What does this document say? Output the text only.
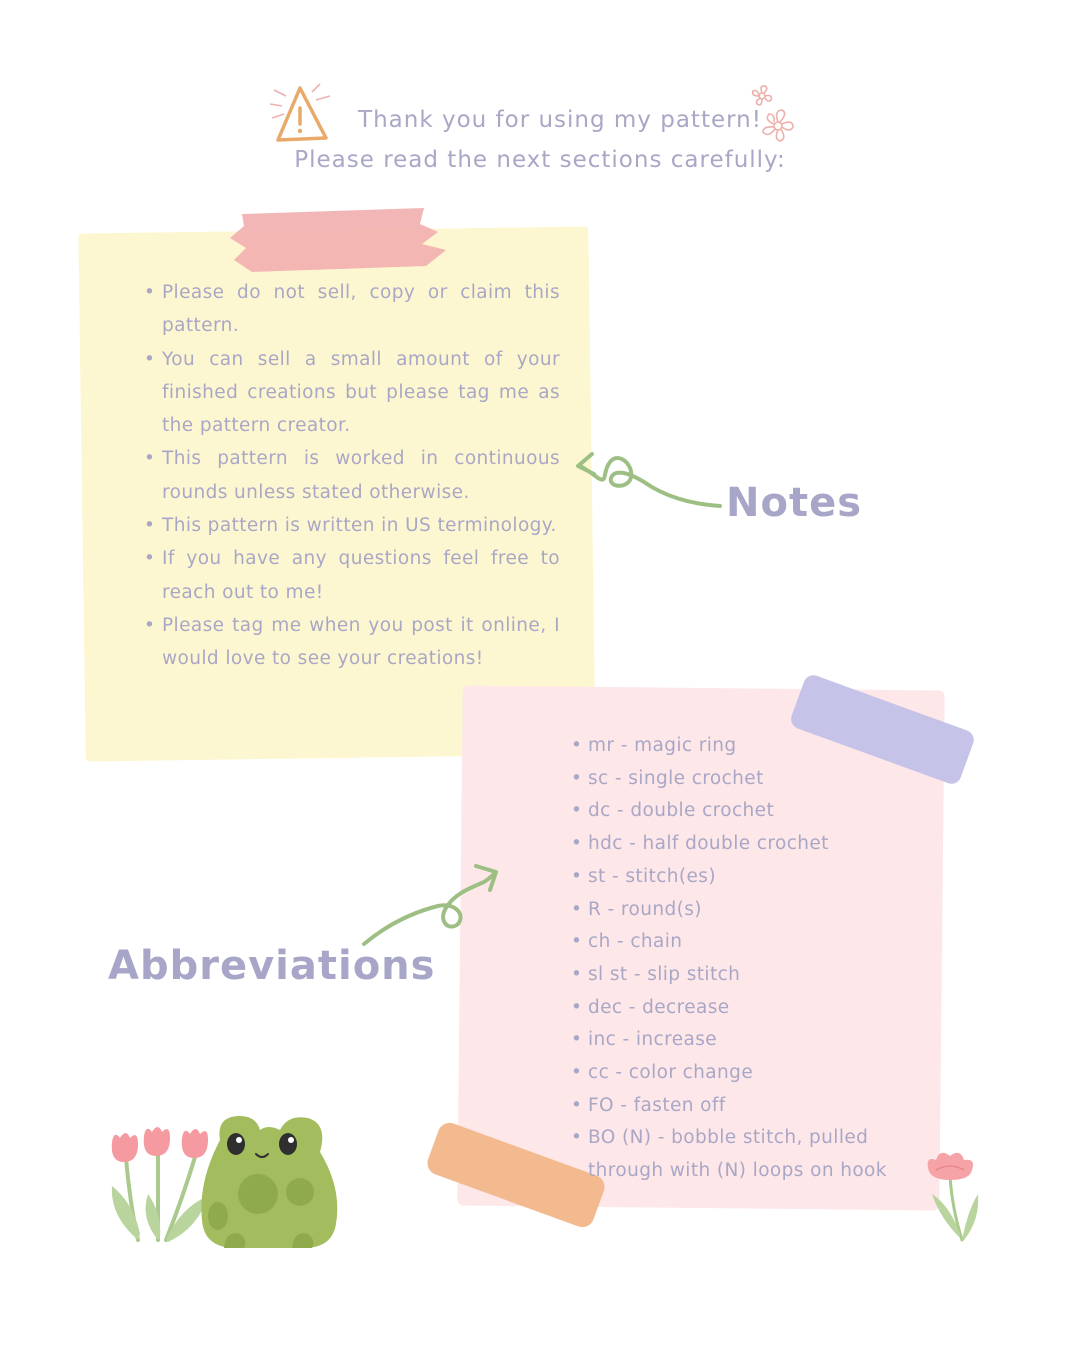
Thank you for using my pattern!

Please read the next sections carefully:
• Please do not sell, copy or claim this pattern.
• You can sell a small amount of your finished creations but please tag me as the pattern creator.
• This pattern is worked in continuous rounds unless stated otherwise.
• This pattern is written in US terminology.
• If you have any questions feel free to reach out to me!
• Please tag me when you post it online, I would love to see your creations!
• mr - magic ring
• sc - single crochet
• dc - double crochet
• hdc - half double crochet
• st - stitch(es)
• R - round(s)
• ch - chain
• sl st - slip stitch
• dec - decrease
• inc - increase
• cc - color change
• FO - fasten off
• BO (N) - bobble stitch, pulled through with (N) loops on hook
Notes
Abbreviations
